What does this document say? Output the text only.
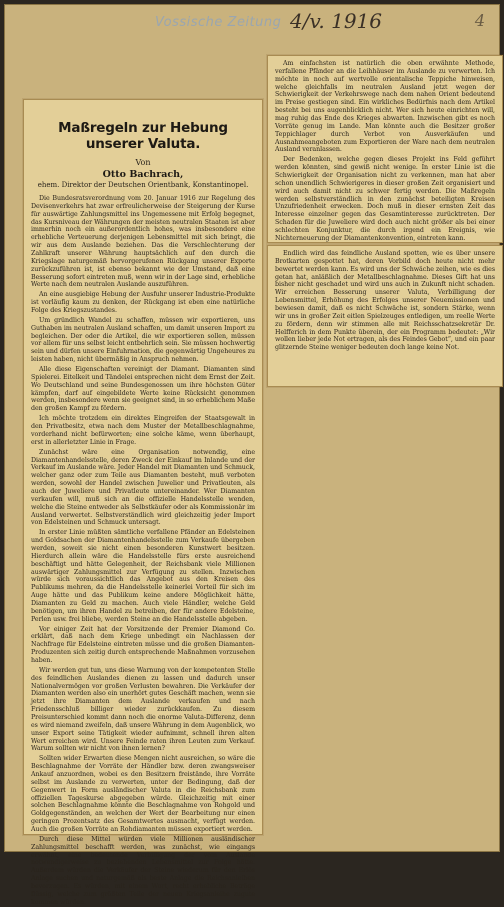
4
Vossische Zeitung 4/v. 1916
Maßregeln zur Hebung unserer Valuta.
Von
Otto Bachrach,
ehem. Direktor der Deutschen Orientbank, Konstantinopel.

Die Bundesratsverordnung vom 20. Januar 1916 zur Regelung des Devisenverkehrs hat zwar erfreulicherweise der Steigerung der Kurse für auswärtige Zahlungsmittel ins Ungemessene mit Erfolg begegnet, das Kursniveau der Währungen der meisten neutralen Staaten ist aber immerhin noch ein außerordentlich hohes, was insbesondere eine erhebliche Verteuerung derjenigen Lebensmittel mit sich bringt, die wir aus dem Auslande beziehen. Das die Verschlechterung der Zahlkraft unserer Währung hauptsächlich auf den durch die Kriegslage naturgemäß hervorgerufenen Rückgang unserer Exporte zurückzuführen ist, ist ebenso bekannt wie der Umstand, daß eine Besserung sofort eintreten muß, wenn wir in der Lage sind, erhebliche Werte nach dem neutralen Auslande auszuführen.

An eine ausgiebige Hebung der Ausfuhr unserer Industrie-Produkte ist vorläufig kaum zu denken, der Rückgang ist eben eine natürliche Folge des Kriegszustandes.

Um gründlich Wandel zu schaffen, müssen wir exportieren, uns Guthaben im neutralen Ausland schaffen, um damit unseren Import zu begleichen. Der oder die Artikel, die wir exportieren sollen, müssen vor allem für uns selbst leicht entbehrlich sein. Sie müssen hochwertig sein und dürfen unsere Einfuhrnation, die gegenwärtig Ungeheures zu leisten haben, nicht übermäßig in Anspruch nehmen.

Alle diese Eigenschaften vereinigt der Diamant. Diamanten sind Spielerei. Eitelkeit und Tändelei entsprechen nicht dem Ernst der Zeit. Wo Deutschland und seine Bundesgenossen um ihre höchsten Güter kämpfen, darf auf eingebildete Werte keine Rücksicht genommen werden, insbesondere wenn sie geeignet sind, in so erheblichem Maße den großen Kampf zu fördern.

Ich möchte trotzdem ein direktes Eingreifen der Staatsgewalt in den Privatbesitz, etwa nach dem Muster der Metallbeschlagnahme, vorderhand nicht befürworten; eine solche käme, wenn überhaupt, erst in allerletzter Linie in Frage.

Zunächst wäre eine Organisation notwendig, eine Diamantenhandelsstelle, deren Zweck der Einkauf im Inlande und der Verkauf im Auslande wäre. Jeder Handel mit Diamanten und Schmuck, welcher ganz oder zum Teile aus Diamanten besteht, muß verboten werden, sowohl der Handel zwischen Juwelier und Privatleuten, als auch der Juweliere und Privatleute untereinander. Wer Diamanten verkaufen will, muß sich an die offizielle Handelsstelle wenden, welche die Steine entweder als Selbstkäufer oder als Kommissionär im Ausland verwertet. Selbstverständlich wird gleichzeitig jeder Import von Edelsteinen und Schmuck untersagt.

In erster Linie müßten sämtliche verfallene Pfänder an Edelsteinen und Goldsachen der Diamantenhandelsstelle zum Verkaufe übergeben werden, soweit sie nicht einen besonderen Kunstwert besitzen. Hierdurch allein wäre die Handelsstelle fürs erste ausreichend beschäftigt und hätte Gelegenheit, der Reichsbank viele Millionen auswärtiger Zahlungsmittel zur Verfügung zu stellen. Inzwischen würde sich voraussichtlich das Angebot aus den Kreisen des Publikums mehren, da die Handelsstelle keinerlei Vorteil für sich im Auge hätte und das Publikum keine andere Möglichkeit hätte, Diamanten zu Geld zu machen. Auch viele Händler, welche Geld benötigen, um ihren Handel zu betreiben, der für andere Edelsteine, Perlen usw. frei bliebe, werden Steine an die Handelsstelle abgeben.

Vor einiger Zeit hat der Vorsitzende der Premier Diamond Co. erklärt, daß nach dem Kriege unbedingt ein Nachlassen der Nachfrage für Edelsteine eintreten müsse und die großen Diamanten-Produzenten sich zeitig durch entsprechende Maßnahmen vorzusehen haben.

Wir werden gut tun, uns diese Warnung von der kompetenten Stelle des feindlichen Auslandes dienen zu lassen und dadurch unser Nationalvermögen vor großen Verlusten bewahren. Die Verkäufer der Diamanten werden also ein unerhört gutes Geschäft machen, wenn sie jetzt ihre Diamanten dem Auslande verkaufen und nach Friedensschluß billiger wieder zurückkaufen. Zu diesem Preisunterschied kommt dann noch die enorme Valuta-Differenz, denn es wird niemand zweifeln, daß unsere Währung in dem Augenblick, wo unser Export seine Tätigkeit wieder aufnimmt, schnell ihren alten Wert erreichen wird. Unsere Feinde raten ihren Leuten zum Verkauf. Warum sollten wir nicht von ihnen lernen?

Sollten wider Erwarten diese Mengen nicht ausreichen, so wäre die Beschlagnahme der Vorräte der Händler bzw. deren zwangsweiser Ankauf anzuordnen, wobei es den Besitzern freistände, ihre Vorräte selbst im Auslande zu verwerten, unter der Bedingung, daß der Gegenwert in Form ausländischer Valuta in die Reichsbank zum offiziellen Tageskurse abgegeben würde. Gleichzeitig mit einer solchen Beschlagnahme könnte die Beschlagnahme von Rohgold und Goldgegenständen, an welchen der Wert der Bearbeitung nur einen geringen Prozentsatz des Gesamtwertes ausmacht, verfügt werden. Auch die großen Vorräte an Rohdiamanten müssen exportiert werden.

Durch diese Mittel würden viele Millionen ausländischer Zahlungsmittel beschafft werden, was zunächst, wie eingangs erwähnt, eine bedeutende Verbilligung der vom Auslande notwendigerweise zu beziehenden Lebensmittel zur Folge hätte. Außerdem würden die Verkäufer der Steine wiederum für den Erlös Anlage suchen und naturgemäß als beste Anlage die Reichsanleihen bevorzugen. Es würden, mit einem Wort, recht erhebliche Beträge flüssig, welche zum größten Teile der neuen Kriegsanleihe zugute kommen würden.

Am einfachsten ist natürlich die oben erwähnte Methode, verfallene Pfänder an die Leihhäuser im Auslande zu verwerten. Ich möchte in noch auf wertvolle orientalische Teppiche hinweisen, welche gleichfalls im neutralen Ausland jetzt wegen der Schwierigkeit der Verkehrswege nach dem nahen Orient bedeutend im Preise gestiegen sind. Ein wirkliches Bedürfnis nach dem Artikel besteht bei uns augenblicklich nicht. Wer sich heute einrichten will, mag ruhig das Ende des Krieges abwarten. Inzwischen gibt es noch Vorräte genug im Lande. Man könnte auch die Besitzer großer Teppichlager durch Verbot von Ausverkäufen und Ausnahmeangeboten zum Exportieren der Ware nach dem neutralen Ausland veranlassen.

Der Bedenken, welche gegen dieses Projekt ins Feld geführt werden könnten, sind gewiß nicht wenige. In erster Linie ist die Schwierigkeit der Organisation nicht zu verkennen, man hat aber schon unendlich Schwierigeres in dieser großen Zeit organisiert und wird auch damit nicht zu schwer fertig werden. Die Maßregeln werden selbstverständlich in den zunächst beteiligten Kreisen Unzufriedenheit erwecken. Doch muß in dieser ernsten Zeit das Interesse einzelner gegen das Gesamtinteresse zurücktreten. Der Schaden für die Juweliere wird doch auch nicht größer als bei einer schlechten Konjunktur, die durch irgend ein Ereignis, wie Nichterneuerung der Diamantenkonvention, eintreten kann.

Endlich wird das feindliche Ausland spotten, wie es über unsere Brotkarten gespottet hat, deren Vorbild doch heute nicht mehr bewertet werden kann. Es wird uns der Schwäche zeihen, wie es dies getan hat, anläßlich der Metallbeschlagnahme. Dieses Gift hat uns bisher nicht geschadet und wird uns auch in Zukunft nicht schaden. Wir erreichen Besserung unserer Valuta, Verbilligung der Lebensmittel, Erhöhung des Erfolges unserer Neuemissionen und bewiesen damit, daß es nicht Schwäche ist, sondern Stärke, wenn wir uns in großer Zeit eitlen Spielzeuges entledigen, um reelle Werte zu fördern, denn wir stimmen alle mit Reichsschatzsekretär Dr. Helfferich in dem Punkte überein, der ein Programm bedeutet: „Wir wollen lieber jede Not ertragen, als des Feindes Gebot“, und ein paar glitzernde Steine weniger bedeuten doch lange keine Not.
